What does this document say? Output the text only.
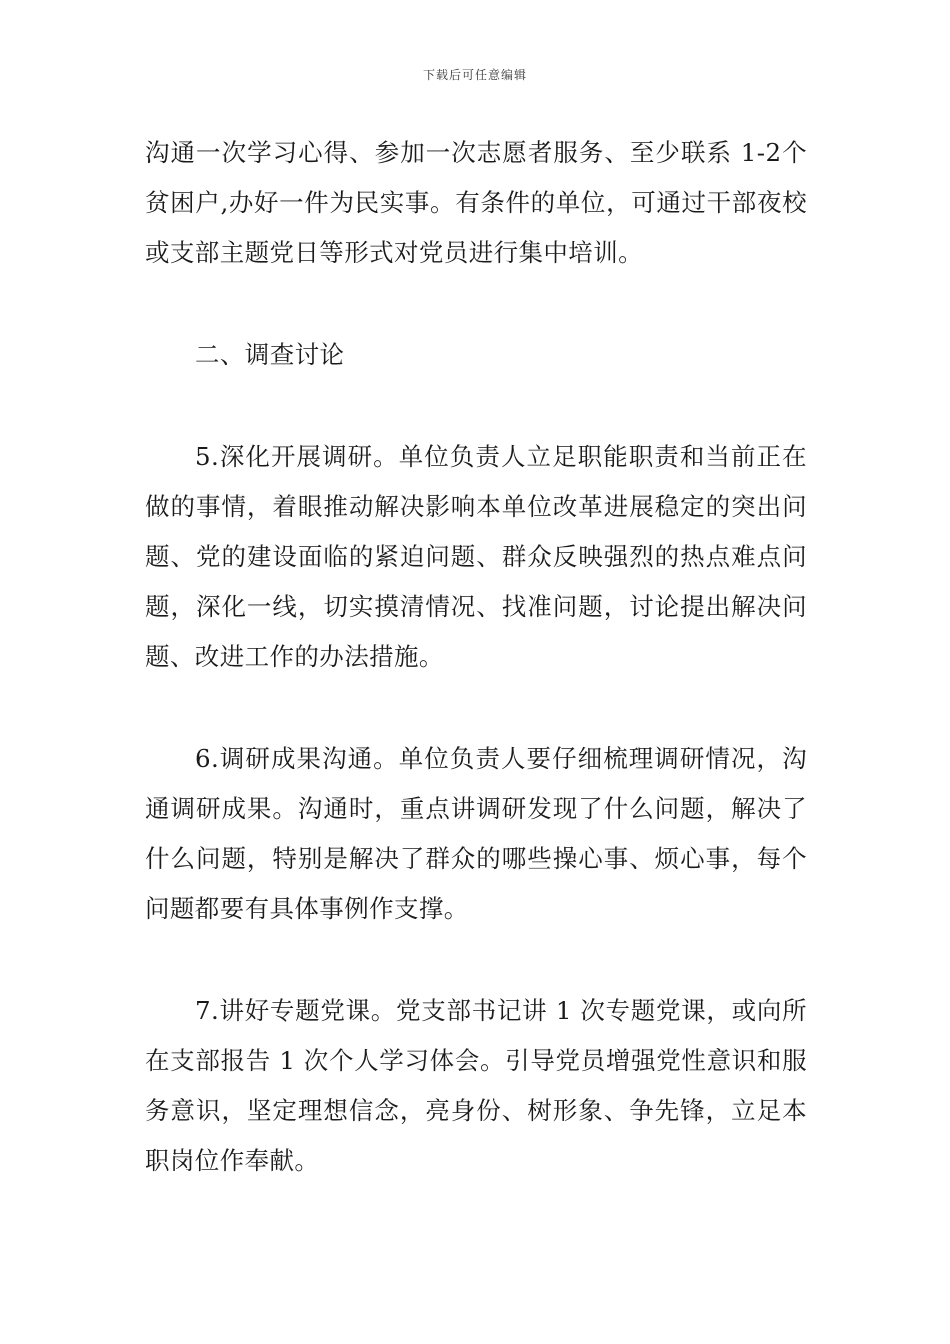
下载后可任意编辑

沟通一次学习心得、参加一次志愿者服务、至少联系 1-2个贫困户,办好一件为民实事。有条件的单位，可通过干部夜校或支部主题党日等形式对党员进行集中培训。

二、调查讨论

5.深化开展调研。单位负责人立足职能职责和当前正在做的事情，着眼推动解决影响本单位改革进展稳定的突出问题、党的建设面临的紧迫问题、群众反映强烈的热点难点问题，深化一线，切实摸清情况、找准问题，讨论提出解决问题、改进工作的办法措施。

6.调研成果沟通。单位负责人要仔细梳理调研情况，沟通调研成果。沟通时，重点讲调研发现了什么问题，解决了什么问题，特别是解决了群众的哪些操心事、烦心事，每个问题都要有具体事例作支撑。

7.讲好专题党课。党支部书记讲 1 次专题党课，或向所在支部报告 1 次个人学习体会。引导党员增强党性意识和服务意识，坚定理想信念，亮身份、树形象、争先锋，立足本职岗位作奉献。
